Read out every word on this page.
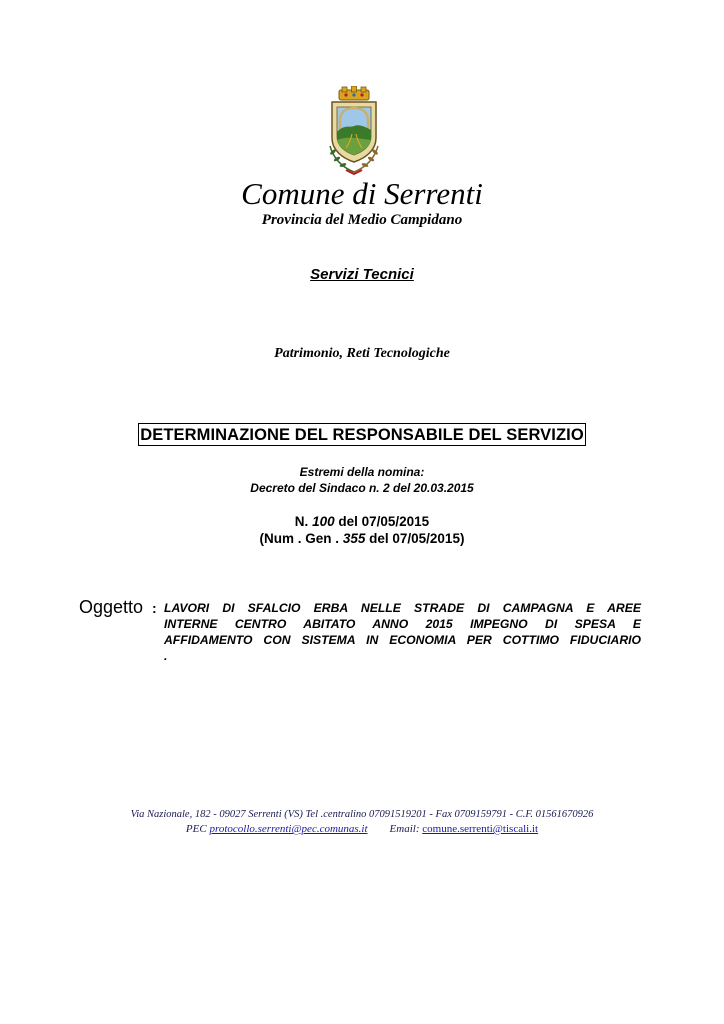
Comune di Serrenti
Provincia del Medio Campidano
Servizi Tecnici
Patrimonio, Reti Tecnologiche
DETERMINAZIONE DEL RESPONSABILE DEL SERVIZIO
Estremi della nomina:
Decreto del Sindaco n. 2 del 20.03.2015
N. 100 del 07/05/2015
(Num . Gen . 355 del 07/05/2015)
Oggetto : LAVORI DI SFALCIO ERBA NELLE STRADE DI CAMPAGNA E AREE
INTERNE CENTRO ABITATO ANNO 2015 IMPEGNO DI SPESA E
AFFIDAMENTO CON SISTEMA IN ECONOMIA PER COTTIMO FIDUCIARIO
.
Via Nazionale, 182 - 09027 Serrenti (VS) Tel .centralino 07091519201 - Fax 0709159791 - C.F. 01561670926
PEC protocollo.serrenti@pec.comunas.it Email: comune.serrenti@tiscali.it
